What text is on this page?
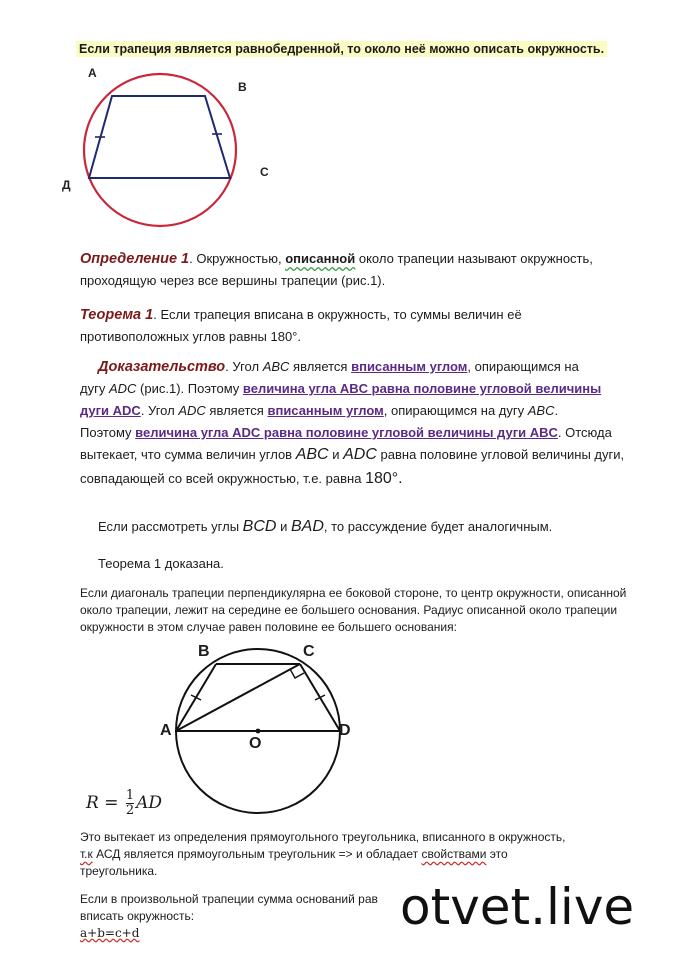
Если трапеция является равнобедренной, то около неё можно описать окружность.
А
В
С
Д
Определение 1. Окружностью, описанной около трапеции называют окружность,
проходящую через все вершины трапеции (рис.1).
Теорема 1. Если трапеция вписана в окружность, то суммы величин её
противоположных углов равны 180°.
Доказательство. Угол ABC является вписанным углом, опирающимся на
дугу ADC (рис.1). Поэтому величина угла ABC равна половине угловой величины
дуги ADC. Угол ADC является вписанным углом, опирающимся на дугу ABC.
Поэтому величина угла ADC равна половине угловой величины дуги ABC. Отсюда
вытекает, что сумма величин углов ABC и ADC равна половине угловой величины дуги,
совпадающей со всей окружностью, т.е. равна 180°.
Если рассмотреть углы BCD и BAD, то рассуждение будет аналогичным.
Теорема 1 доказана.
Если диагональ трапеции перпендикулярна ее боковой стороне, то центр окружности, описанной
около трапеции, лежит на середине ее большего основания. Радиус описанной около трапеции
окружности в этом случае равен половине ее большего основания:
B	C
A	D
O
$R = \frac{1}{2}$ AD
Это вытекает из определения прямоугольного треугольника, вписанного в окружность,
т.к АСД является прямоугольным треугольник => и обладает свойствами это
треугольника.
Если в произвольной трапеции сумма оснований рав
вписать окружность:
a+b=c+d	otvet.live
